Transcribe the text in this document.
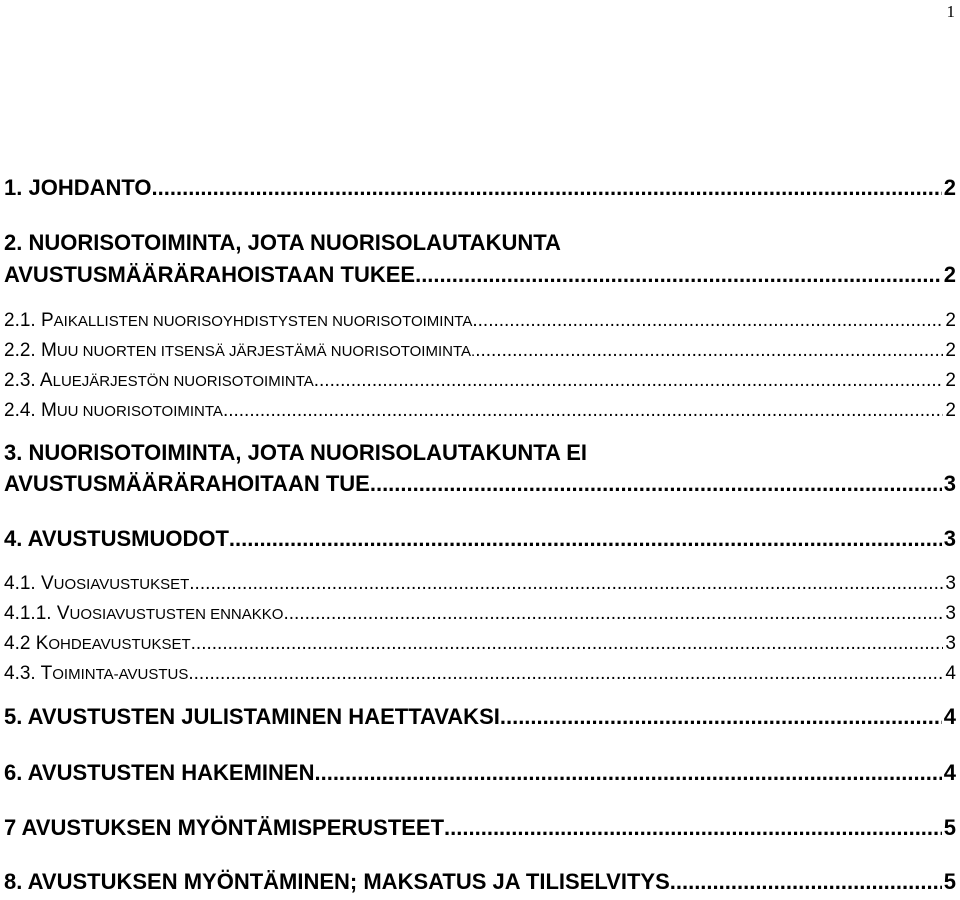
1
1. JOHDANTO .....	2
2. NUORISOTOIMINTA, JOTA NUORISOLAUTAKUNTA
AVUSTUSMÄÄRÄRAHOISTAAN TUKEE .....	2
2.1. PAIKALLISTEN NUORISOYHDISTYSTEN NUORISOTOIMINTA .....	2
2.2. MUU NUORTEN ITSENSÄ JÄRJESTÄMÄ NUORISOTOIMINTA. .....	2
2.3. ALUEJÄRJESTÖN NUORISOTOIMINTA .....	2
2.4. MUU NUORISOTOIMINTA .....	2
3. NUORISOTOIMINTA, JOTA NUORISOLAUTAKUNTA EI
AVUSTUSMÄÄRÄRAHOITAAN TUE .....	3
4. AVUSTUSMUODOT .....	3
4.1. VUOSIAVUSTUKSET .....	3
4.1.1. VUOSIAVUSTUSTEN ENNAKKO .....	3
4.2 KOHDEAVUSTUKSET .....	3
4.3. TOIMINTA-AVUSTUS .....	4
5. AVUSTUSTEN JULISTAMINEN HAETTAVAKSI .....	4
6. AVUSTUSTEN HAKEMINEN .....	4
7 AVUSTUKSEN MYÖNTÄMISPERUSTEET .....	5
8. AVUSTUKSEN MYÖNTÄMINEN; MAKSATUS JA TILISELVITYS .....	5
